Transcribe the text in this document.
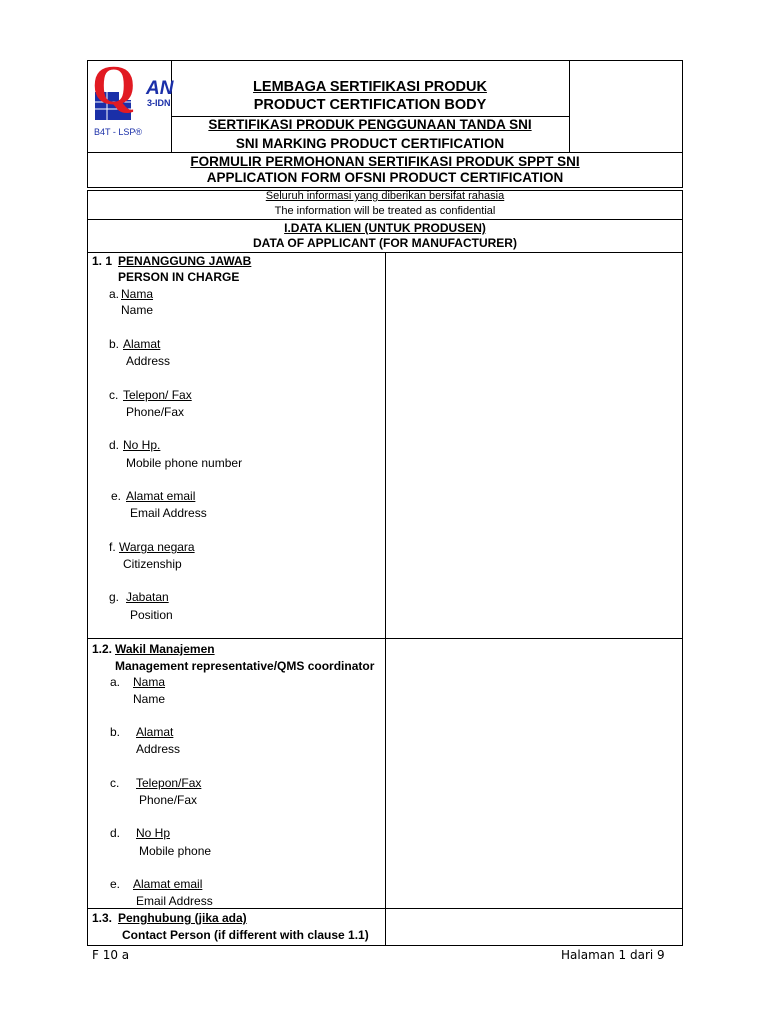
Q AN
3-IDN
B4T - LSP®
LEMBAGA SERTIFIKASI PRODUK
PRODUCT CERTIFICATION BODY
SERTIFIKASI PRODUK PENGGUNAAN TANDA SNI
SNI MARKING PRODUCT CERTIFICATION
FORMULIR PERMOHONAN SERTIFIKASI PRODUK SPPT SNI
APPLICATION FORM OFSNI PRODUCT CERTIFICATION
Seluruh informasi yang diberikan bersifat rahasia
The information will be treated as confidential
I.DATA KLIEN (UNTUK PRODUSEN)
DATA OF APPLICANT (FOR MANUFACTURER)
1. 1 PENANGGUNG JAWAB
PERSON IN CHARGE
a. Nama
Name
b. Alamat
Address
c. Telepon/ Fax
Phone/Fax
d. No Hp.
Mobile phone number
e. Alamat email
Email Address
f. Warga negara
Citizenship
g. Jabatan
Position
1.2. Wakil Manajemen
Management representative/QMS coordinator
a. Nama
Name
b. Alamat
Address
c. Telepon/Fax
Phone/Fax
d. No Hp
Mobile phone
e. Alamat email
Email Address
1.3. Penghubung (jika ada)
Contact Person (if different with clause 1.1)
F 10 a	Halaman 1 dari 9
